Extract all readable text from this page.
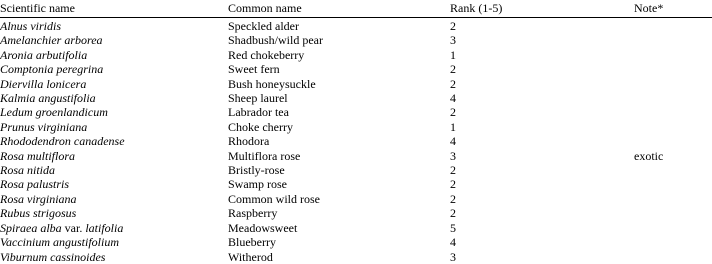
Scientific name	Common name	Rank (1-5)	Note*
Alnus viridis	Speckled alder	2	
Amelanchier arborea	Shadbush/wild pear	3	
Aronia arbutifolia	Red chokeberry	1	
Comptonia peregrina	Sweet fern	2	
Diervilla lonicera	Bush honeysuckle	2	
Kalmia angustifolia	Sheep laurel	4	
Ledum groenlandicum	Labrador tea	2	
Prunus virginiana	Choke cherry	1	
Rhododendron canadense	Rhodora	4	
Rosa multiflora	Multiflora rose	3	exotic
Rosa nitida	Bristly-rose	2	
Rosa palustris	Swamp rose	2	
Rosa virginiana	Common wild rose	2	
Rubus strigosus	Raspberry	2	
Spiraea alba var. latifolia	Meadowsweet	5	
Vaccinium angustifolium	Blueberry	4	
Viburnum cassinoides	Witherod	3	
